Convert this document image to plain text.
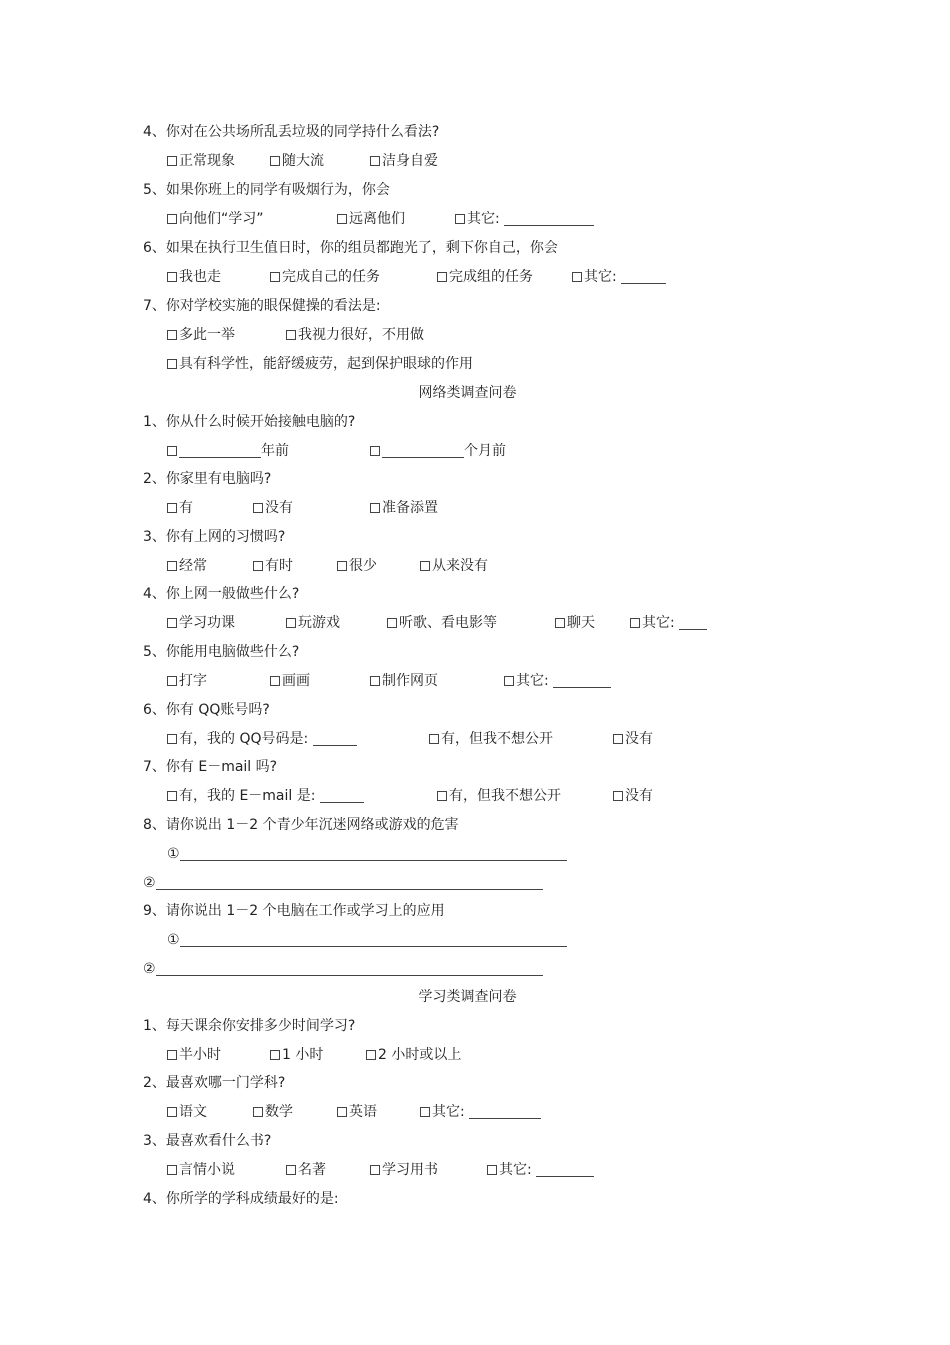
4、你对在公共场所乱丢垃圾的同学持什么看法?
正常现象	随大流	洁身自爱
5、如果你班上的同学有吸烟行为，你会
向他们“学习”	远离他们	其它:
6、如果在执行卫生值日时，你的组员都跑光了，剩下你自己，你会
我也走	完成自己的任务	完成组的任务	其它:
7、你对学校实施的眼保健操的看法是:
多此一举	我视力很好，不用做
具有科学性，能舒缓疲劳，起到保护眼球的作用
网络类调查问卷
1、你从什么时候开始接触电脑的?
年前	个月前
2、你家里有电脑吗?
有	没有	准备添置
3、你有上网的习惯吗?
经常	有时	很少	从来没有
4、你上网一般做些什么?
学习功课	玩游戏	听歌、看电影等	聊天	其它:
5、你能用电脑做些什么?
打字	画画	制作网页	其它:
6、你有 QQ账号吗?
有，我的 QQ号码是:	有，但我不想公开	没有
7、你有 E－mail 吗?
有，我的 E－mail 是:	有，但我不想公开	没有
8、请你说出 1－2 个青少年沉迷网络或游戏的危害
①
②
9、请你说出 1－2 个电脑在工作或学习上的应用
①
②
学习类调查问卷
1、每天课余你安排多少时间学习?
半小时	1 小时	2 小时或以上
2、最喜欢哪一门学科?
语文	数学	英语	其它:
3、最喜欢看什么书?
言情小说	名著	学习用书	其它:
4、你所学的学科成绩最好的是:
